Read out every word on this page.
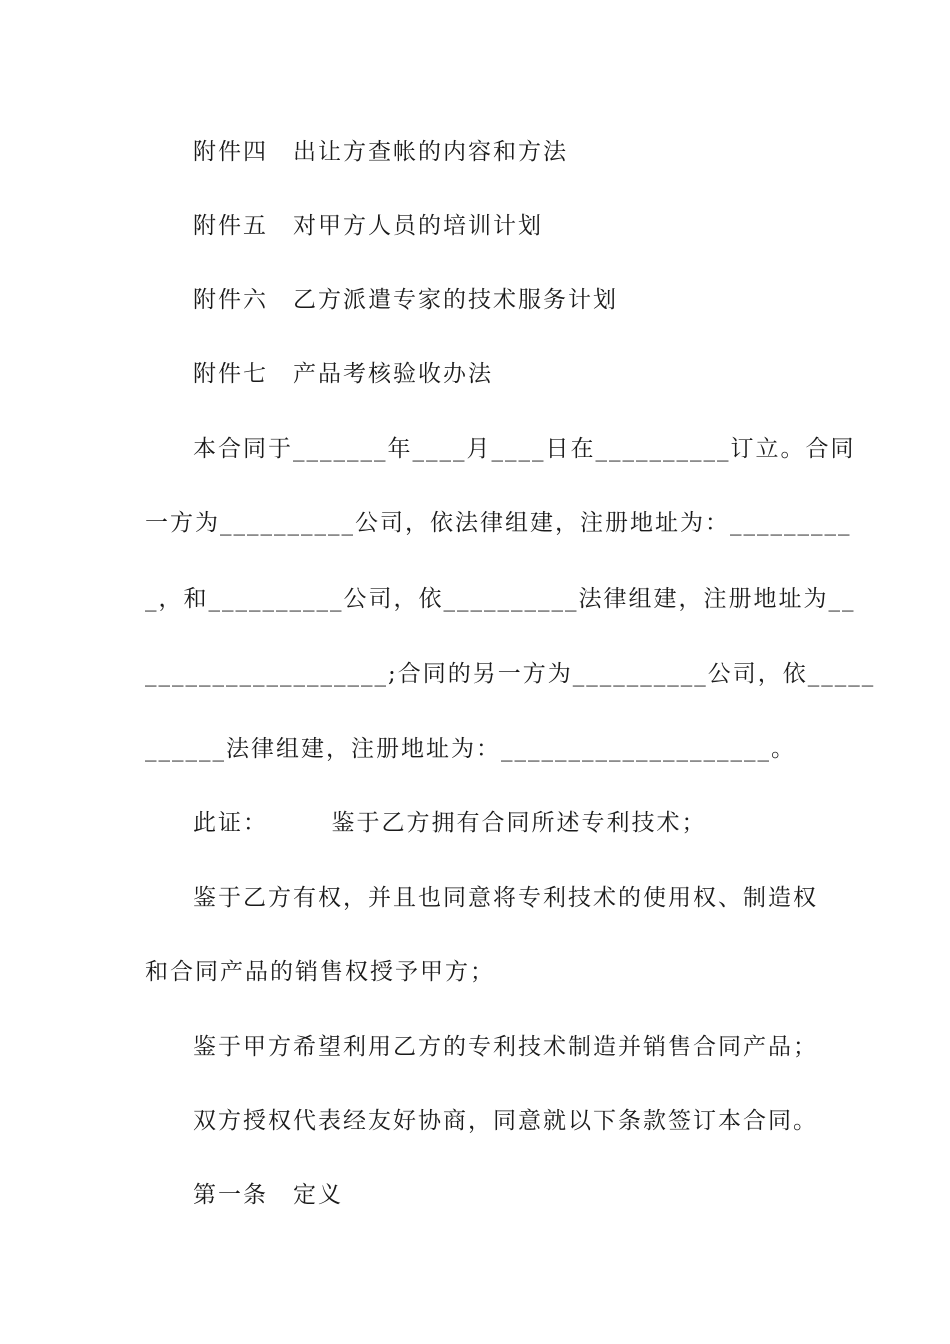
附件四　出让方查帐的内容和方法
附件五　对甲方人员的培训计划
附件六　乙方派遣专家的技术服务计划
附件七　产品考核验收办法
本合同于_______年____月____日在__________订立。合同
一方为__________公司，依法律组建，注册地址为：_________
_，和__________公司，依__________法律组建，注册地址为__
__________________;合同的另一方为__________公司，依_____
______法律组建，注册地址为：____________________。
此证：　　　鉴于乙方拥有合同所述专利技术；
鉴于乙方有权，并且也同意将专利技术的使用权、制造权
和合同产品的销售权授予甲方；
鉴于甲方希望利用乙方的专利技术制造并销售合同产品；
双方授权代表经友好协商，同意就以下条款签订本合同。
第一条　定义
